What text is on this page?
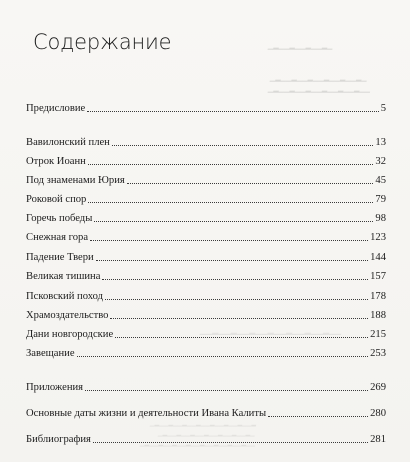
▁▂▁▁▂▁▁▂▁▁▂▁
▁▂▁▁▂▁▁▂▁▁▂▁▁▂▁▁▂▁
▁▂▁▁▂▁▁▂▁▁▂▁▁▂▁▁▂▁▁
▁▁▂▁▁▂▁▁▂▁▁▂▁▁▂▁▁▂▁▁▂▁▁
▁▂▁▁▂▁▁▂▁▁▂▁▁▂▁▁▂▁▁▂▁▁▂
▁▂▁▁▂▁▁▂▁▁▂▁▁▂▁▁▂▁▁▂▁
▁▂▁▁▂▁▁▂▁▁▂▁▁▂▁▁▂▁▁▂▁▁▂▁▁
Содержание
Предисловие	5
Вавилонский плен	13
Отрок Иоанн	32
Под знаменами Юрия	45
Роковой спор	79
Горечь победы	98
Снежная гора	123
Падение Твери	144
Великая тишина	157
Псковский поход	178
Храмоздательство	188
Дани новгородские	215
Завещание	253
Приложения	269
Основные даты жизни и деятельности Ивана Калиты	280
Библиография	281
